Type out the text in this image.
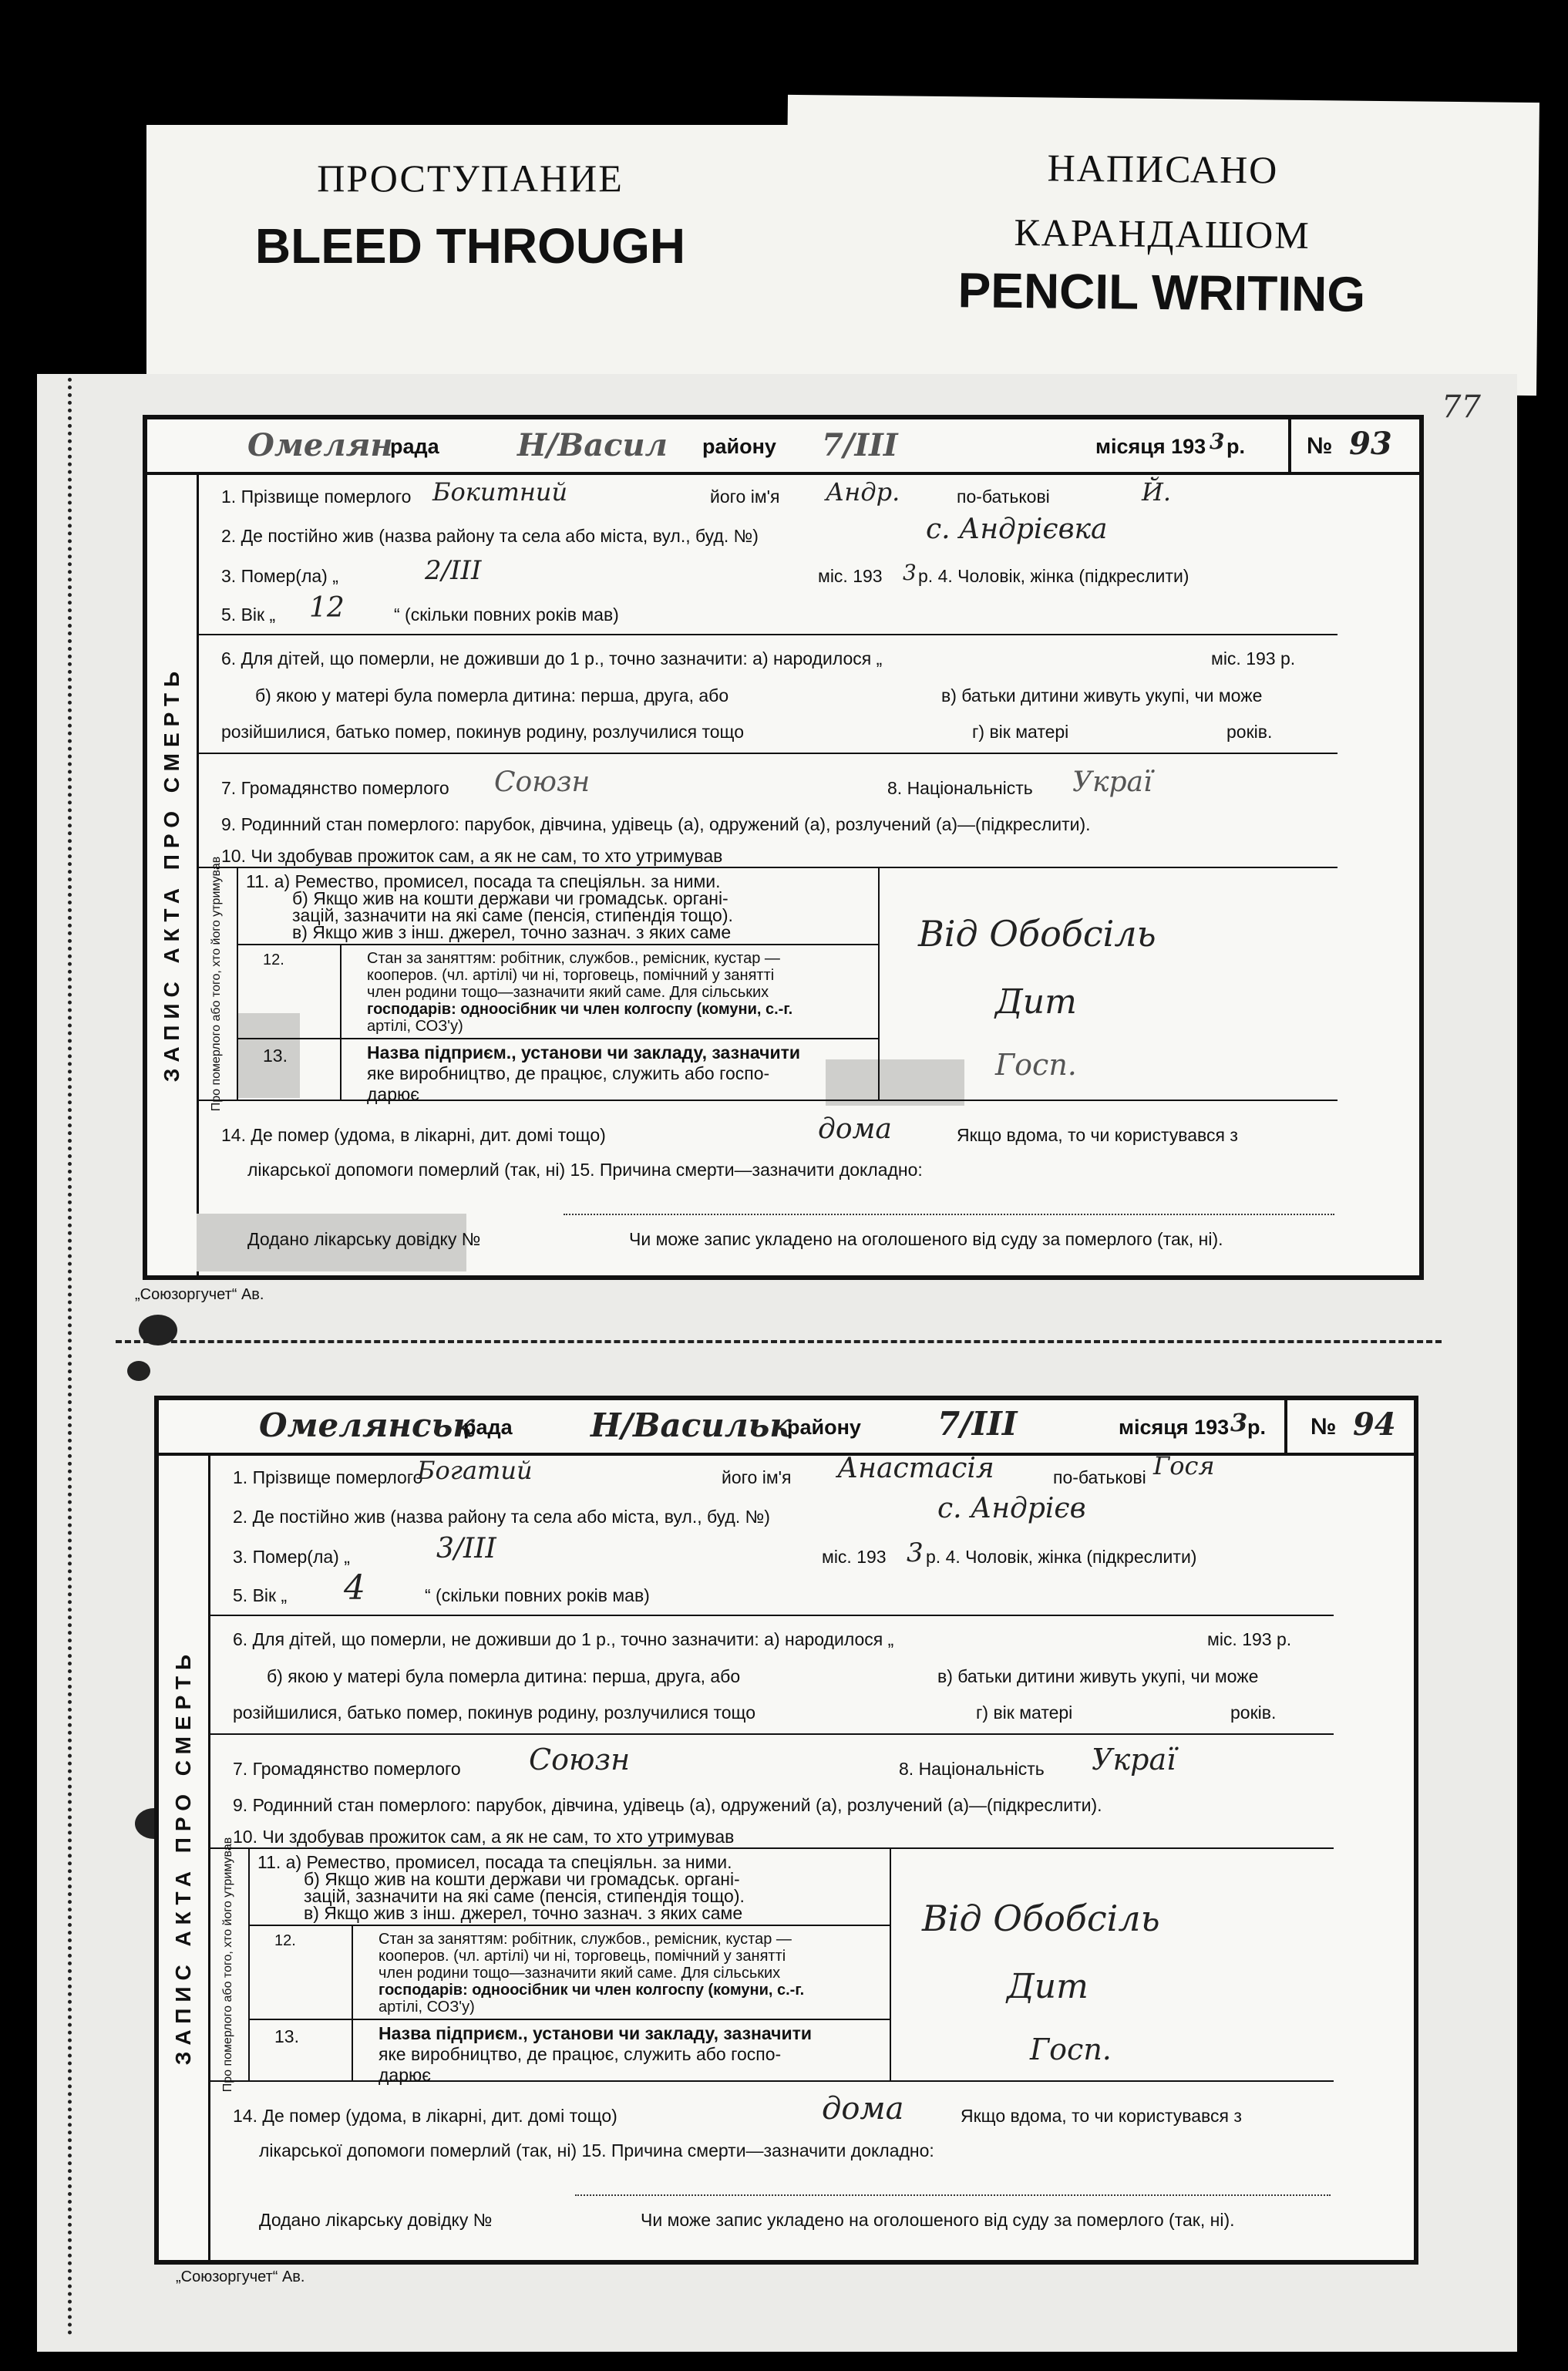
ПРОСТУПАНИЕ
BLEED THROUGH
НАПИСАНО
КАРАНДАШОМ
PENCIL WRITING
77
Омелян
рада	Н/Васил району 7/ІІІ	місяця 193 3 р.	№ 93
ЗАПИС АКТА ПРО СМЕРТЬ
1. Прізвище померлого Бокитний	його ім'я Андр.	по-батькові	Й.
2. Де постійно жив (назва району та села або міста, вул., буд. №)	с. Андрієвка
3. Помер(ла) „	2/ІІІ	міс. 193 3 р. 4. Чоловік, жінка (підкреслити)
5. Вік „ 12	“ (скільки повних років мав)
6. Для дітей, що померли, не доживши до 1 р., точно зазначити: а) народилося „	міс. 193 р.
б) якою у матері була померла дитина: перша, друга, або	в) батьки дитини живуть укупі, чи може
розійшилися, батько помер, покинув родину, розлучилися тощо	г) вік матері	років.
7. Громадянство померлого Союзн	8. Національність Украї
9. Родинний стан померлого: парубок, дівчина, удівець (а), одружений (а), розлучений (а)—(підкреслити).
10. Чи здобував прожиток сам, а як не сам, то хто утримував
Про померлого або того, хто його утримував 11. а) Ремество, промисел, посада та спеціяльн. за ними.
б) Якщо жив на кошти держави чи громадськ. органі-
зацій, зазначити на які саме (пенсія, стипендія тощо).
в) Якщо жив з інш. джерел, точно зазнач. з яких саме
12.	Стан за заняттям: робітник, службов., ремісник, кустар —
кооперов. (чл. артілі) чи ні, торговець, помічний у занятті
член родини тощо—зазначити який саме. Для сільських
господарів: одноосібник чи член колгоспу (комуни, с.-г.
артілі, СОЗ'у)
13.	Назва підприєм., установи чи закладу, зазначити
яке виробництво, де працює, служить або госпо-
дарює
Від Обобсіль
Дит
Госп.
14. Де помер (удома, в лікарні, дит. домі тощо)	дома	Якщо вдома, то чи користувався з
лікарської допомоги померлий (так, ні) 15. Причина смерти—зазначити докладно:
Додано лікарську довідку №	Чи може запис укладено на оголошеного від суду за померлого (так, ні).
„Союзоргучет“ Ав.
Омелянськ
рада Н/Васильк
району 7/ІІІ	місяця 193 3 р. № 94
ЗАПИС АКТА ПРО СМЕРТЬ
1. Прізвище померлого
Богатий	його ім'я Анастасія	по-батькові Гося
2. Де постійно жив (назва району та села або міста, вул., буд. №)	с. Андрієв
3. Помер(ла) „	3/ІІІ	міс. 193 3 р. 4. Чоловік, жінка (підкреслити)
5. Вік „ 4	“ (скільки повних років мав)
6. Для дітей, що померли, не доживши до 1 р., точно зазначити: а) народилося „	міс. 193 р.
б) якою у матері була померла дитина: перша, друга, або	в) батьки дитини живуть укупі, чи може
розійшилися, батько помер, покинув родину, розлучилися тощо	г) вік матері	років.
7. Громадянство померлого Союзн	8. Національність Украї
9. Родинний стан померлого: парубок, дівчина, удівець (а), одружений (а), розлучений (а)—(підкреслити).
10. Чи здобував прожиток сам, а як не сам, то хто утримував
Про померлого або того, хто його утримував 11. а) Ремество, промисел, посада та спеціяльн. за ними.
б) Якщо жив на кошти держави чи громадськ. органі-
зацій, зазначити на які саме (пенсія, стипендія тощо).
в) Якщо жив з інш. джерел, точно зазнач. з яких саме
12.	Стан за заняттям: робітник, службов., ремісник, кустар —
кооперов. (чл. артілі) чи ні, торговець, помічний у занятті
член родини тощо—зазначити який саме. Для сільських
господарів: одноосібник чи член колгоспу (комуни, с.-г.
артілі, СОЗ'у)
13.	Назва підприєм., установи чи закладу, зазначити
яке виробництво, де працює, служить або госпо-
дарює
Від Обобсіль
Дит
Госп.
14. Де помер (удома, в лікарні, дит. домі тощо)	дома	Якщо вдома, то чи користувався з
лікарської допомоги померлий (так, ні) 15. Причина смерти—зазначити докладно:
Додано лікарську довідку №	Чи може запис укладено на оголошеного від суду за померлого (так, ні).
„Союзоргучет“ Ав.
